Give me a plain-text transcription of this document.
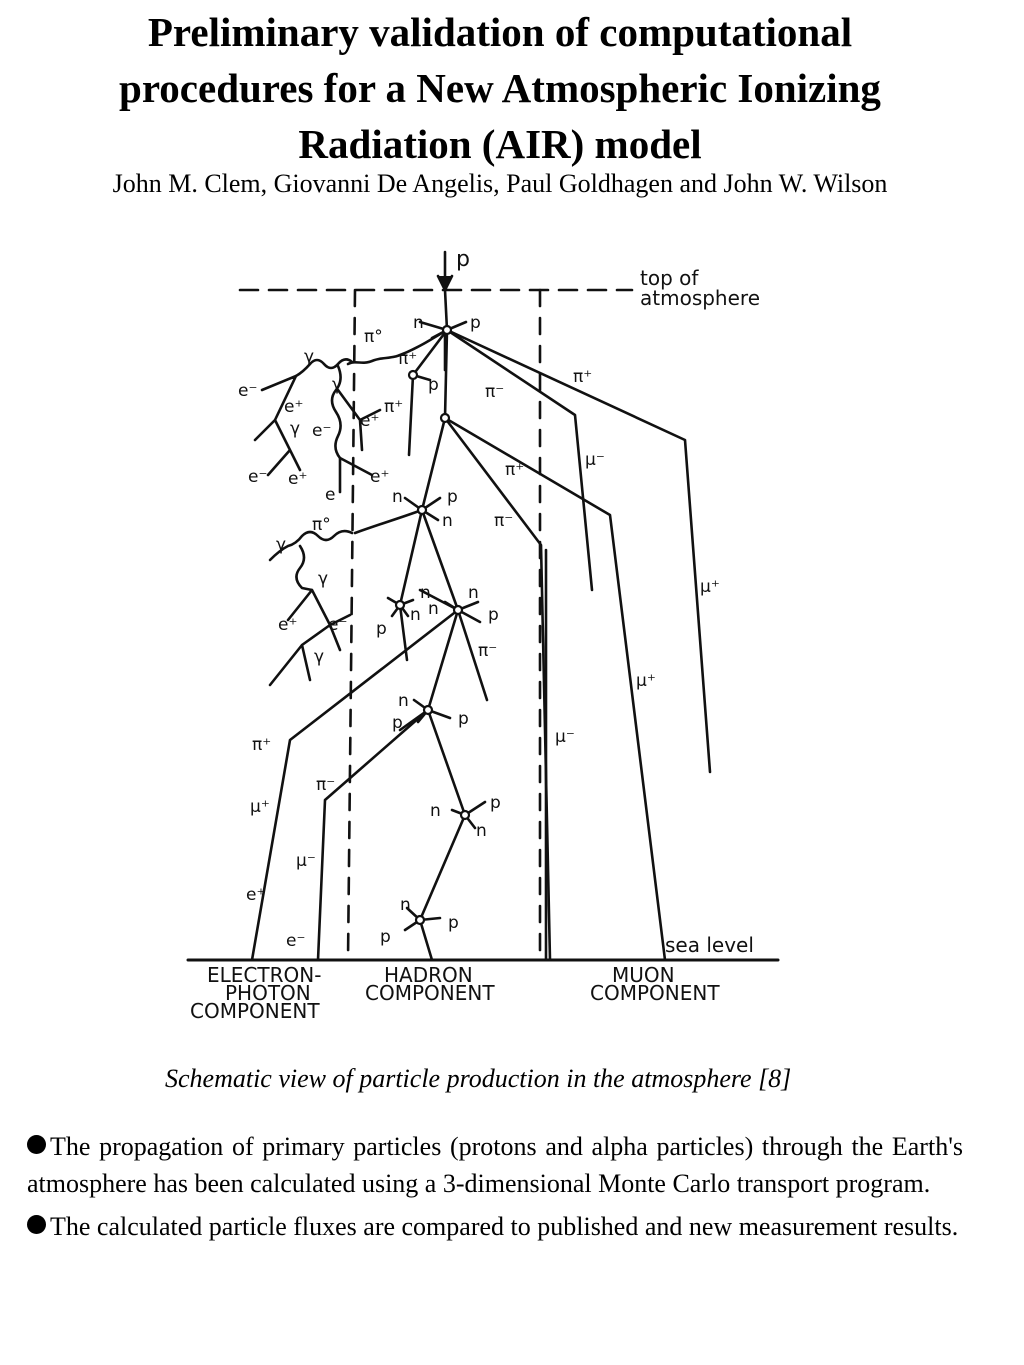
Preliminary validation of computational
procedures for a New Atmospheric Ionizing
Radiation (AIR) model

John M. Clem, Giovanni De Angelis, Paul Goldhagen and John W. Wilson

p
top of
atmosphere
sea level
ELECTRON-
PHOTON
COMPONENT
HADRON
COMPONENT
MUON
COMPONENT
n	p
π°
π⁺
p	π⁻
π⁺
γ
e⁻	γ
e⁺
γ e⁻ e⁺
π⁺
e⁻ e⁺	e⁺
e
μ⁻
π⁺
n	p
n π⁻
π°
γ
γ	μ⁺
n n
p
n n	p
π⁻
e⁺ e⁻
γ
μ⁺
n
p	p
π⁺	μ⁻
π⁻
μ⁺	n	p
n
μ⁻
e⁺	n
p
p
e⁻

Schematic view of particle production in the atmosphere [8]

The propagation of primary particles (protons and alpha particles) through the Earth's atmosphere has been calculated using a 3-dimensional Monte Carlo transport program.
The calculated particle fluxes are compared to published and new measurement results.
